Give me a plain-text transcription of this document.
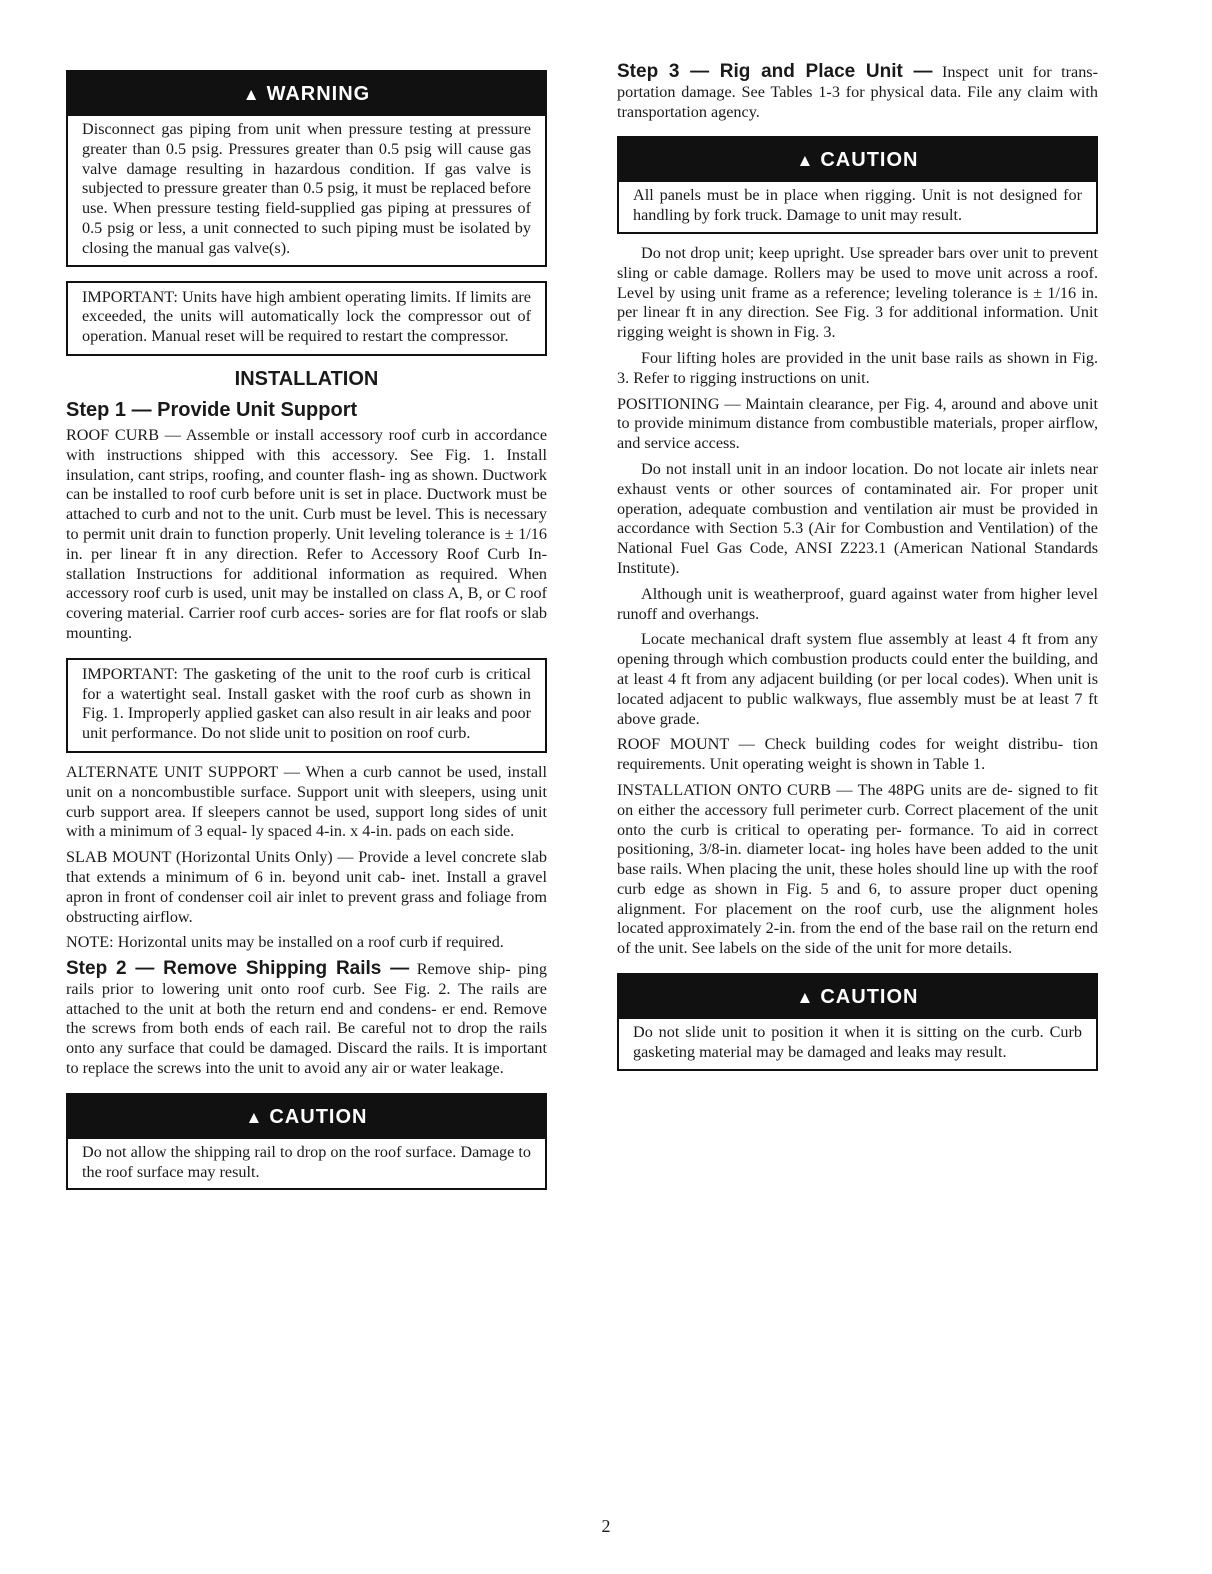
▲ WARNING

Disconnect gas piping from unit when pressure testing at pressure greater than 0.5 psig. Pressures greater than 0.5 psig will cause gas valve damage resulting in hazardous condition. If gas valve is subjected to pressure greater than 0.5 psig, it must be replaced before use. When pressure testing field-supplied gas piping at pressures of 0.5 psig or less, a unit connected to such piping must be isolated by closing the manual gas valve(s).

IMPORTANT: Units have high ambient operating limits. If limits are exceeded, the units will automatically lock the compressor out of operation. Manual reset will be required to restart the compressor.

INSTALLATION
Step 1 — Provide Unit Support

ROOF CURB — Assemble or install accessory roof curb in accordance with instructions shipped with this accessory. See Fig. 1. Install insulation, cant strips, roofing, and counter flash- ing as shown. Ductwork can be installed to roof curb before unit is set in place. Ductwork must be attached to curb and not to the unit. Curb must be level. This is necessary to permit unit drain to function properly. Unit leveling tolerance is ± 1/16 in. per linear ft in any direction. Refer to Accessory Roof Curb In- stallation Instructions for additional information as required. When accessory roof curb is used, unit may be installed on class A, B, or C roof covering material. Carrier roof curb acces- sories are for flat roofs or slab mounting.

IMPORTANT: The gasketing of the unit to the roof curb is critical for a watertight seal. Install gasket with the roof curb as shown in Fig. 1. Improperly applied gasket can also result in air leaks and poor unit performance. Do not slide unit to position on roof curb.

ALTERNATE UNIT SUPPORT — When a curb cannot be used, install unit on a noncombustible surface. Support unit with sleepers, using unit curb support area. If sleepers cannot be used, support long sides of unit with a minimum of 3 equal- ly spaced 4-in. x 4-in. pads on each side.

SLAB MOUNT (Horizontal Units Only) — Provide a level concrete slab that extends a minimum of 6 in. beyond unit cab- inet. Install a gravel apron in front of condenser coil air inlet to prevent grass and foliage from obstructing airflow.

NOTE: Horizontal units may be installed on a roof curb if required.

Step 2 — Remove Shipping Rails — Remove ship- ping rails prior to lowering unit onto roof curb. See Fig. 2. The rails are attached to the unit at both the return end and condens- er end. Remove the screws from both ends of each rail. Be careful not to drop the rails onto any surface that could be damaged. Discard the rails. It is important to replace the screws into the unit to avoid any air or water leakage.

▲ CAUTION

Do not allow the shipping rail to drop on the roof surface. Damage to the roof surface may result.

Step 3 — Rig and Place Unit — Inspect unit for trans- portation damage. See Tables 1-3 for physical data. File any claim with transportation agency.

▲ CAUTION

All panels must be in place when rigging. Unit is not designed for handling by fork truck. Damage to unit may result.

Do not drop unit; keep upright. Use spreader bars over unit to prevent sling or cable damage. Rollers may be used to move unit across a roof. Level by using unit frame as a reference; leveling tolerance is ± 1/16 in. per linear ft in any direction. See Fig. 3 for additional information. Unit rigging weight is shown in Fig. 3.

Four lifting holes are provided in the unit base rails as shown in Fig. 3. Refer to rigging instructions on unit.

POSITIONING — Maintain clearance, per Fig. 4, around and above unit to provide minimum distance from combustible materials, proper airflow, and service access.

Do not install unit in an indoor location. Do not locate air inlets near exhaust vents or other sources of contaminated air. For proper unit operation, adequate combustion and ventilation air must be provided in accordance with Section 5.3 (Air for Combustion and Ventilation) of the National Fuel Gas Code, ANSI Z223.1 (American National Standards Institute).

Although unit is weatherproof, guard against water from higher level runoff and overhangs.

Locate mechanical draft system flue assembly at least 4 ft from any opening through which combustion products could enter the building, and at least 4 ft from any adjacent building (or per local codes). When unit is located adjacent to public walkways, flue assembly must be at least 7 ft above grade.

ROOF MOUNT — Check building codes for weight distribu- tion requirements. Unit operating weight is shown in Table 1.

INSTALLATION ONTO CURB — The 48PG units are de- signed to fit on either the accessory full perimeter curb. Correct placement of the unit onto the curb is critical to operating per- formance. To aid in correct positioning, 3/8-in. diameter locat- ing holes have been added to the unit base rails. When placing the unit, these holes should line up with the roof curb edge as shown in Fig. 5 and 6, to assure proper duct opening alignment. For placement on the roof curb, use the alignment holes located approximately 2-in. from the end of the base rail on the return end of the unit. See labels on the side of the unit for more details.

▲ CAUTION

Do not slide unit to position it when it is sitting on the curb. Curb gasketing material may be damaged and leaks may result.

2
